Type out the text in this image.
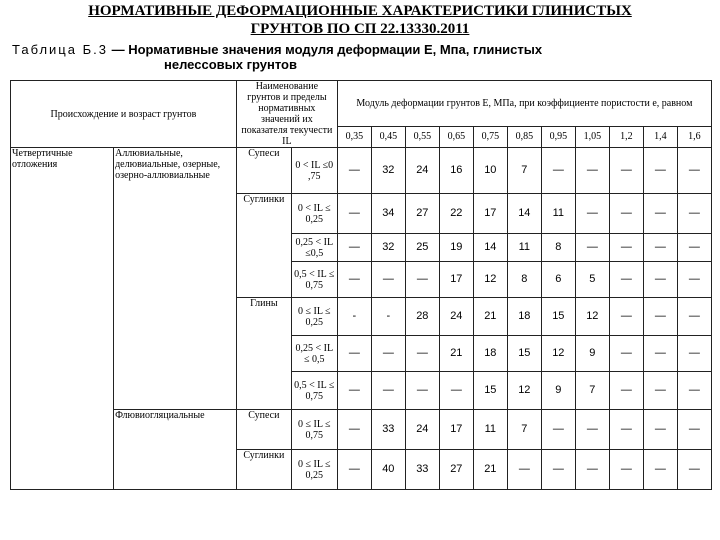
НОРМАТИВНЫЕ ДЕФОРМАЦИОННЫЕ ХАРАКТЕРИСТИКИ ГЛИНИСТЫХ
ГРУНТОВ ПО СП 22.13330.2011
Таблица Б.3 — Нормативные значения модуля деформации E, Мпа, глинистых
нелессовых грунтов
Происхождение и возраст грунтов		Наименование грунтов и пределы нормативных значений их показателя текучести IL		Модуль деформации грунтов E, МПа, при коэффициенте пористости e, равном										
				0,35	0,45	0,55	0,65	0,75	0,85	0,95	1,05	1,2	1,4	1,6
Четвертичные отложения	Аллювиальные, делювиальные, озерные, озерно-аллювиальные	Супеси	0 < IL ≤0 ,75	—	32	24	16	10	7	—	—	—	—	—
		Суглинки	0 < IL ≤ 0,25	—	34	27	22	17	14	11	—	—	—	—
			0,25 < IL ≤0,5	—	32	25	19	14	11	8	—	—	—	—
			0,5 < IL ≤ 0,75	—	—	—	17	12	8	6	5	—	—	—
		Глины	0 ≤ IL ≤ 0,25	-	-	28	24	21	18	15	12	—	—	—
			0,25 < IL ≤ 0,5	—	—	—	21	18	15	12	9	—	—	—
			0,5 < IL ≤ 0,75	—	—	—	—	15	12	9	7	—	—	—
	Флювиогляциальные	Супеси	0 ≤ IL ≤ 0,75	—	33	24	17	11	7	—	—	—	—	—
		Суглинки	0 ≤ IL ≤ 0,25	—	40	33	27	21	—	—	—	—	—	—
